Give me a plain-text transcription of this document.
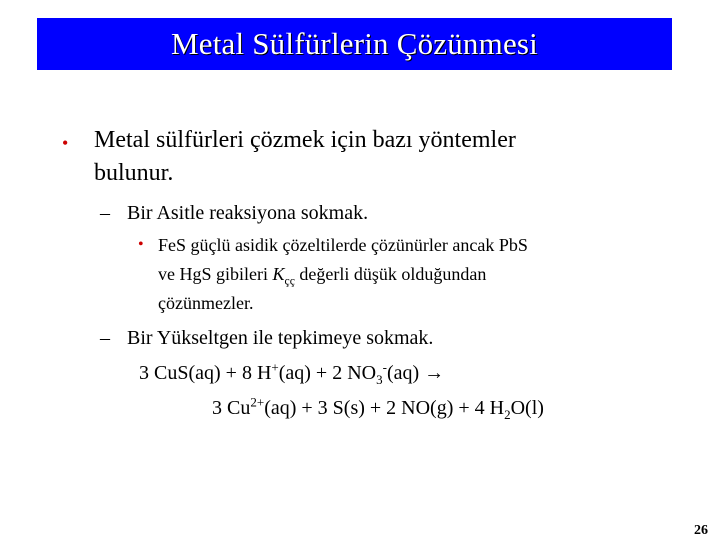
Metal Sülfürlerin Çözünmesi
• Metal sülfürleri çözmek için bazı yöntemler
bulunur.
– Bir Asitle reaksiyona sokmak.
• FeS güçlü asidik çözeltilerde çözünürler ancak PbS
ve HgS gibileri $K_{çç}$ değerli düşük olduğundan
çözünmezler.
– Bir Yükseltgen ile tepkimeye sokmak.
3 CuS(aq) + 8 H+(aq) + 2 $NO_3^-(aq)$ →
3 $Cu^{2+}(aq) + 3$ S(s) + 2 NO(g) + 4 $H_2O(l)$
26
